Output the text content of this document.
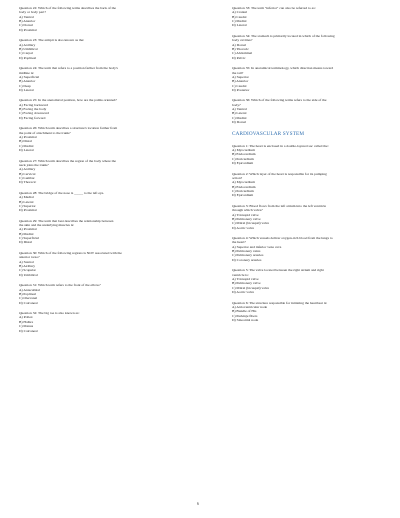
Question 22: Which of the following terms describes the back of the
body or body part?
A) Ventral
B) Anterior
C) Dorsal
D) Proximal
Question 23: The armpit is also known as the:
A) Axillary
B) Umbilical
C) Carpal
D) Popliteal
Question 24: The term that refers to a position farther from the body's
midline is:
A) Superficial
B) Anterior
C) Deep
D) Lateral
Question 25: In the anatomical position, how are the palms oriented?
A) Facing backward
B) Facing the body
C) Facing downward
D) Facing forward
Question 26: Which term describes a structure's location farther from
the point of attachment to the trunk?
A) Proximal
B) Distal
C) Medial
D) Lateral
Question 27: Which term describes the region of the body where the
neck joins the trunk?
A) Axillary
B) Cervical
C) Lumbar
D) Thoracic
Question 28: The bridge of the nose is _____ to the left eye.
A) Medial
B) Lateral
C) Superior
D) Proximal
Question 29: The term that best describes the relationship between
the skin and the underlying muscles is:
A) Proximal
B) Medial
C) Superficial
D) Distal
Question 30: Which of the following regions is NOT associated with the
anterior torso?
A) Sternal
B) Axillary
C) Scapular
D) Umbilical
Question 31: Which term refers to the front of the elbow?
A) Antecubital
B) Popliteal
C) Olecranal
D) Calcaneal
Question 32: The big toe is also known as:
A) Pollex
B) Hallux
C) Manus
D) Calcaneal
Question 33: The term "inferior" can also be referred to as:
A) Cranial
B) Caudal
C) Medial
D) Lateral
Question 34: The stomach is primarily located in which of the following
body cavities?
A) Dorsal
B) Thoracic
C) Abdominal
D) Pelvic
Question 35: In anatomical terminology, which direction means toward
the tail?
A) Superior
B) Anterior
C) Caudal
D) Posterior
Question 36: Which of the following terms refers to the side of the
body?
A) Ventral
B) Lateral
C) Medial
D) Dorsal
CARDIOVASCULAR SYSTEM
Question 1: The heart is enclosed in a double-layered sac called the:
A) Myocardium
B) Endocardium
C) Pericardium
D) Epicardium
Question 2: Which layer of the heart is responsible for its pumping
action?
A) Myocardium
B) Endocardium
C) Pericardium
D) Epicardium
Question 3: Blood flows from the left atrium into the left ventricle
through which valve?
A) Tricuspid valve
B) Pulmonary valve
C) Mitral (bicuspid) valve
D) Aortic valve
Question 4: Which vessels deliver oxygen-rich blood from the lungs to
the heart?
A) Superior and inferior vena cava
B) Pulmonary veins
C) Pulmonary arteries
D) Coronary arteries
Question 5: The valve located between the right atrium and right
ventricle is:
A) Tricuspid valve
B) Pulmonary valve
C) Mitral (bicuspid) valve
D) Aortic valve
Question 6: The structure responsible for initiating the heartbeat is:
A) Atrioventricular node
B) Bundle of His
C) Purkinje fibers
D) Sinoatrial node
6
